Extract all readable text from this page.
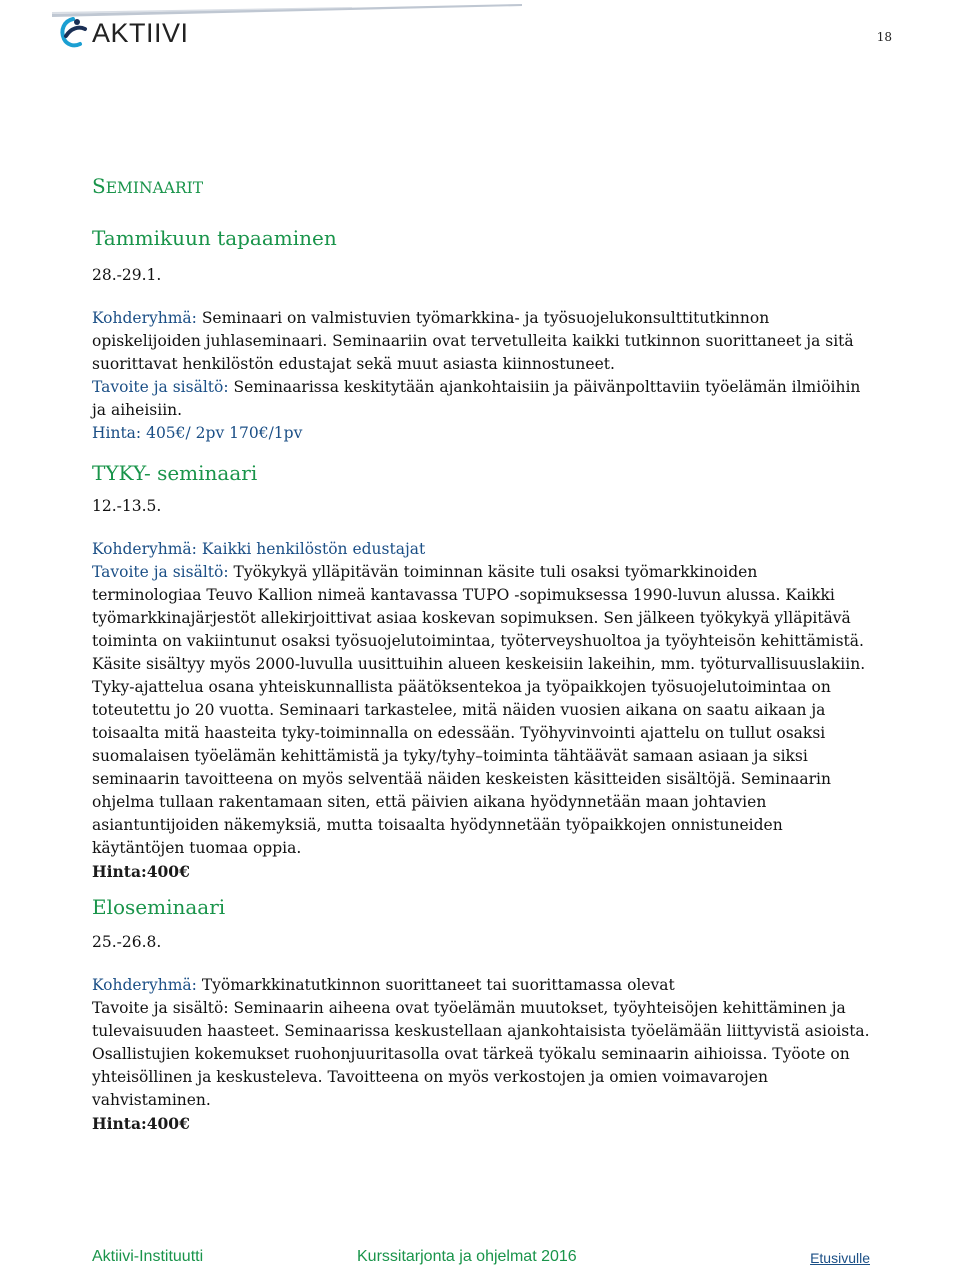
AKTIIVI	18
SEMINAARIT
Tammikuun tapaaminen

28.-29.1.

Kohderyhmä: Seminaari on valmistuvien työmarkkina- ja työsuojelukonsulttitutkinnon opiskelijoiden juhlaseminaari. Seminaariin ovat tervetulleita kaikki tutkinnon suorittaneet ja sitä suorittavat henkilöstön edustajat sekä muut asiasta kiinnostuneet.

Tavoite ja sisältö: Seminaarissa keskitytään ajankohtaisiin ja päivänpolttaviin työelämän ilmiöihin ja aiheisiin.

Hinta: 405€/ 2pv 170€/1pv

TYKY- seminaari

12.-13.5.

Kohderyhmä: Kaikki henkilöstön edustajat

Tavoite ja sisältö: Työkykyä ylläpitävän toiminnan käsite tuli osaksi työmarkkinoiden terminologiaa Teuvo Kallion nimeä kantavassa TUPO -sopimuksessa 1990-luvun alussa. Kaikki työmarkkinajärjestöt allekirjoittivat asiaa koskevan sopimuksen. Sen jälkeen työkykyä ylläpitävä toiminta on vakiintunut osaksi työsuojelutoimintaa, työterveyshuoltoa ja työyhteisön kehittämistä. Käsite sisältyy myös 2000-luvulla uusittuihin alueen keskeisiin lakeihin, mm. työturvallisuuslakiin.

Tyky-ajattelua osana yhteiskunnallista päätöksentekoa ja työpaikkojen työsuojelutoimintaa on toteutettu jo 20 vuotta. Seminaari tarkastelee, mitä näiden vuosien aikana on saatu aikaan ja toisaalta mitä haasteita tyky-toiminnalla on edessään. Työhyvinvointi ajattelu on tullut osaksi suomalaisen työelämän kehittämistä ja tyky/tyhy–toiminta tähtäävät samaan asiaan ja siksi seminaarin tavoitteena on myös selventää näiden keskeisten käsitteiden sisältöjä. Seminaarin ohjelma tullaan rakentamaan siten, että päivien aikana hyödynnetään maan johtavien asiantuntijoiden näkemyksiä, mutta toisaalta hyödynnetään työpaikkojen onnistuneiden käytäntöjen tuomaa oppia.

Hinta:400€

Eloseminaari

25.-26.8.

Kohderyhmä: Työmarkkinatutkinnon suorittaneet tai suorittamassa olevat

Tavoite ja sisältö: Seminaarin aiheena ovat työelämän muutokset, työyhteisöjen kehittäminen ja tulevaisuuden haasteet. Seminaarissa keskustellaan ajankohtaisista työelämään liittyvistä asioista. Osallistujien kokemukset ruohonjuuritasolla ovat tärkeä työkalu seminaarin aihioissa. Työote on yhteisöllinen ja keskusteleva. Tavoitteena on myös verkostojen ja omien voimavarojen vahvistaminen.

Hinta:400€

Aktiivi-Instituutti	Kurssitarjonta ja ohjelmat 2016	Etusivulle
